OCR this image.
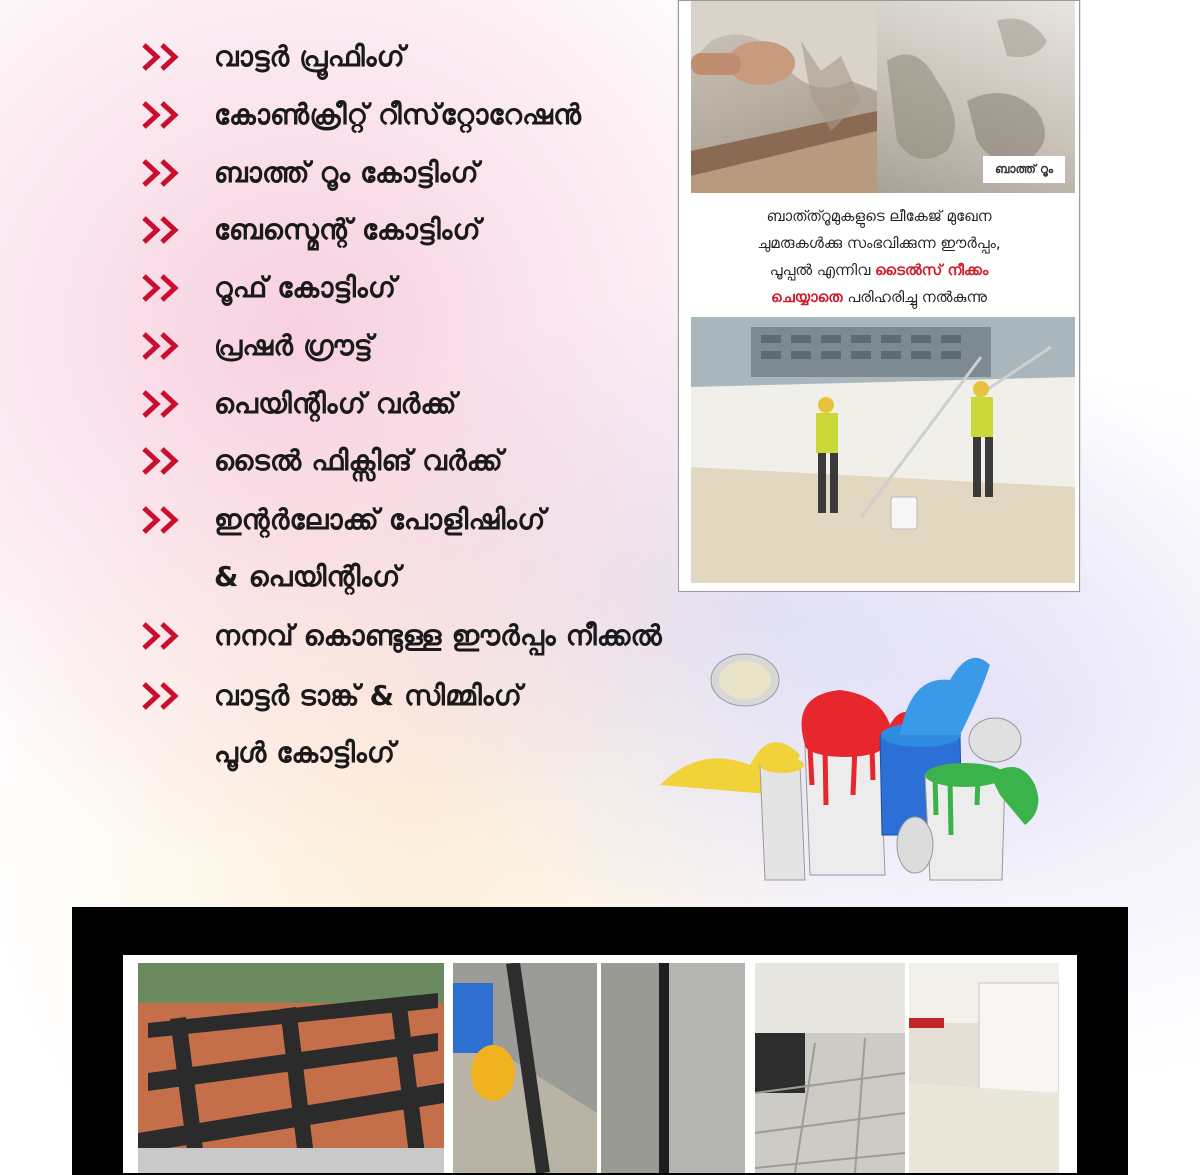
വാട്ടർ പ്രൂഫിംഗ്
കോൺക്രീറ്റ് റീസ്‌റ്റോറേഷൻ
ബാത്ത് റൂം കോട്ടിംഗ്
ബേസ്മെന്റ് കോട്ടിംഗ്
റൂഫ് കോട്ടിംഗ്
പ്രഷർ ഗ്രൗട്ട്
പെയിന്റിംഗ് വർക്ക്
ടൈൽ ഫിക്സിങ് വർക്ക്
ഇന്റർലോക്ക് പോളിഷിംഗ്
& പെയിന്റിംഗ്
നനവ് കൊണ്ടുള്ള ഈർപ്പം നീക്കൽ
വാട്ടർ ടാങ്ക് & സിമ്മിംഗ്
പൂൾ കോട്ടിംഗ്
ബാത്ത് റൂം
ബാത്ത്റൂമുകളുടെ ലീകേജ് മുഖേന
ചുമരുകൾക്കു സംഭവിക്കുന്ന ഈർപ്പം,
പൂപ്പൽ എന്നിവ ടൈൽസ് നീക്കം
ചെയ്യാതെ പരിഹരിച്ചു നൽകുന്നു
